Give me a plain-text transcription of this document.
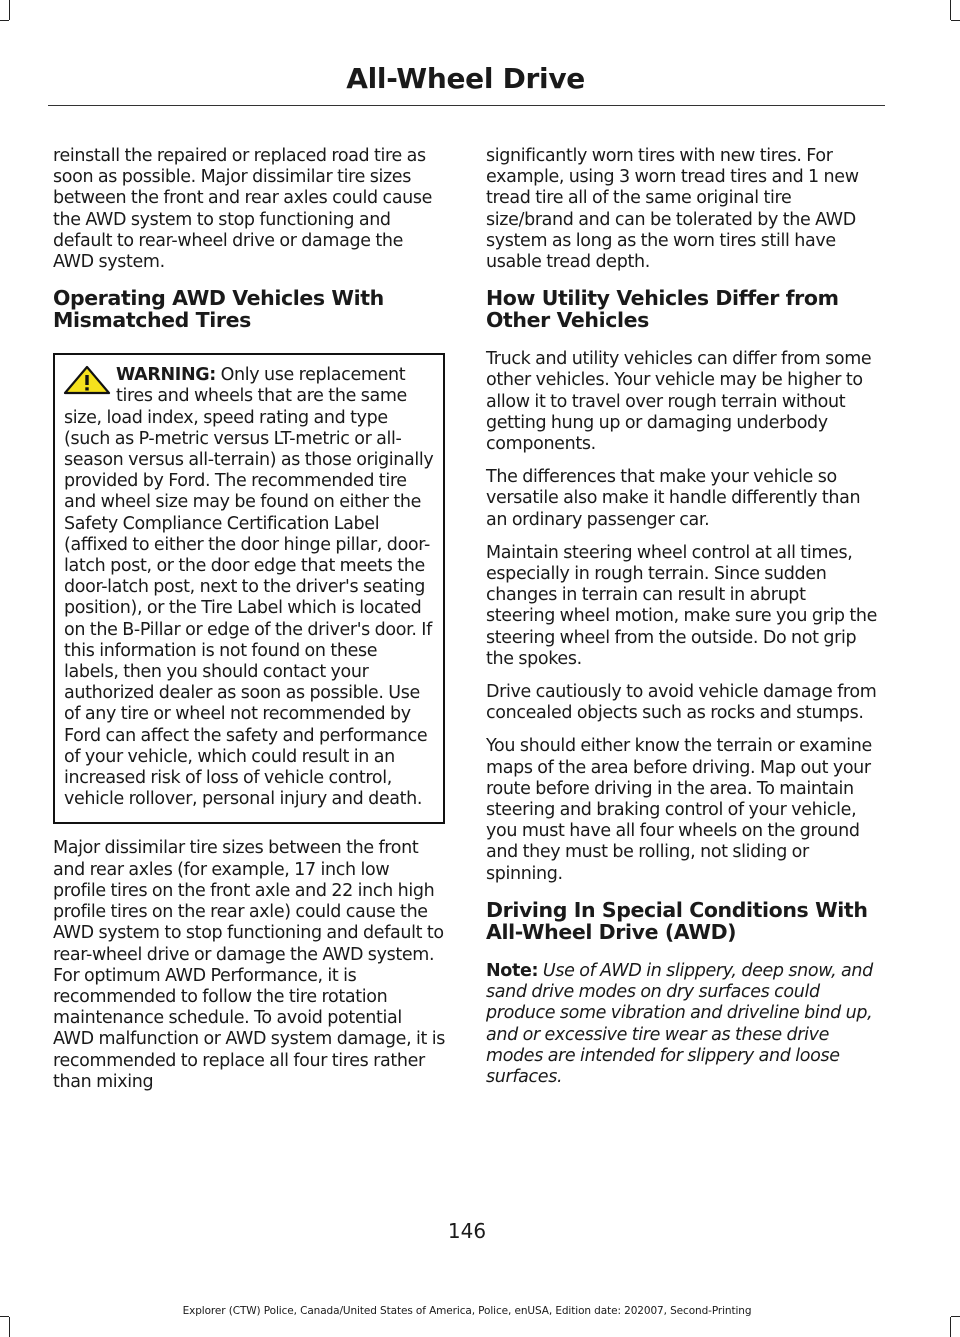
All-Wheel Drive

reinstall the repaired or replaced road tire as soon as possible. Major dissimilar tire sizes between the front and rear axles could cause the AWD system to stop functioning and default to rear-wheel drive or damage the AWD system.

Operating AWD Vehicles With Mismatched Tires

WARNING: Only use replacement tires and wheels that are the same size, load index, speed rating and type (such as P-metric versus LT-metric or all-season versus all-terrain) as those originally provided by Ford. The recommended tire and wheel size may be found on either the Safety Compliance Certification Label (affixed to either the door hinge pillar, door-latch post, or the door edge that meets the door-latch post, next to the driver's seating position), or the Tire Label which is located on the B-Pillar or edge of the driver's door. If this information is not found on these labels, then you should contact your authorized dealer as soon as possible. Use of any tire or wheel not recommended by Ford can affect the safety and performance of your vehicle, which could result in an increased risk of loss of vehicle control, vehicle rollover, personal injury and death.

Major dissimilar tire sizes between the front and rear axles (for example, 17 inch low profile tires on the front axle and 22 inch high profile tires on the rear axle) could cause the AWD system to stop functioning and default to rear-wheel drive or damage the AWD system. For optimum AWD Performance, it is recommended to follow the tire rotation maintenance schedule. To avoid potential AWD malfunction or AWD system damage, it is recommended to replace all four tires rather than mixing

significantly worn tires with new tires. For example, using 3 worn tread tires and 1 new tread tire all of the same original tire size/brand and can be tolerated by the AWD system as long as the worn tires still have usable tread depth.

How Utility Vehicles Differ from Other Vehicles

Truck and utility vehicles can differ from some other vehicles. Your vehicle may be higher to allow it to travel over rough terrain without getting hung up or damaging underbody components.

The differences that make your vehicle so versatile also make it handle differently than an ordinary passenger car.

Maintain steering wheel control at all times, especially in rough terrain. Since sudden changes in terrain can result in abrupt steering wheel motion, make sure you grip the steering wheel from the outside. Do not grip the spokes.

Drive cautiously to avoid vehicle damage from concealed objects such as rocks and stumps.

You should either know the terrain or examine maps of the area before driving. Map out your route before driving in the area. To maintain steering and braking control of your vehicle, you must have all four wheels on the ground and they must be rolling, not sliding or spinning.

Driving In Special Conditions With All-Wheel Drive (AWD)

Note: Use of AWD in slippery, deep snow, and sand drive modes on dry surfaces could produce some vibration and driveline bind up, and or excessive tire wear as these drive modes are intended for slippery and loose surfaces.

146

Explorer (CTW) Police, Canada/United States of America, Police, enUSA, Edition date: 202007, Second-Printing
